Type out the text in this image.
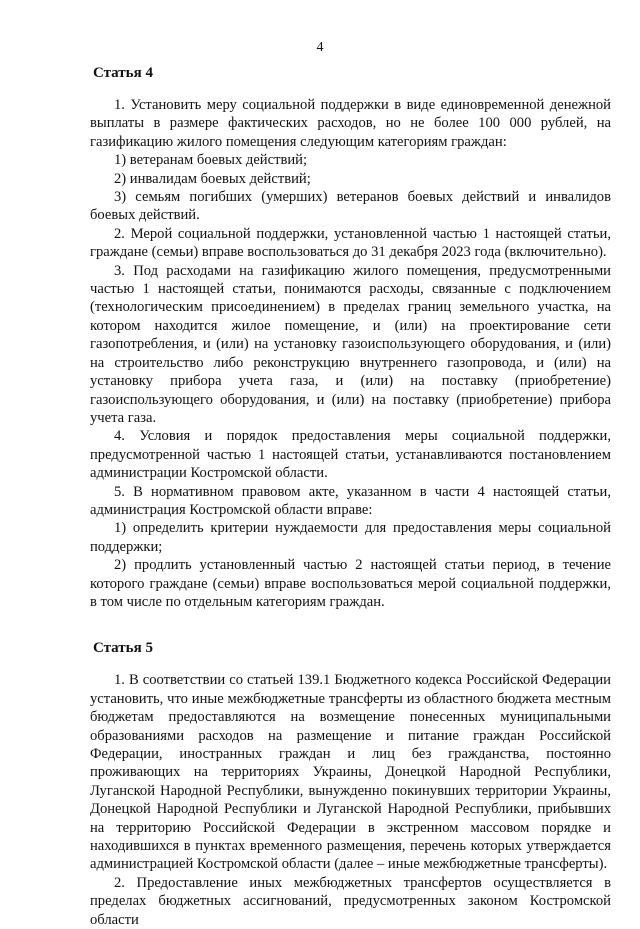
4
Статья 4

1. Установить меру социальной поддержки в виде единовременной денежной выплаты в размере фактических расходов, но не более 100 000 рублей, на газификацию жилого помещения следующим категориям граждан:

1) ветеранам боевых действий;

2) инвалидам боевых действий;

3) семьям погибших (умерших) ветеранов боевых действий и инвалидов боевых действий.

2. Мерой социальной поддержки, установленной частью 1 настоящей статьи, граждане (семьи) вправе воспользоваться до 31 декабря 2023 года (включительно).

3. Под расходами на газификацию жилого помещения, предусмотренными частью 1 настоящей статьи, понимаются расходы, связанные с подключением (технологическим присоединением) в пределах границ земельного участка, на котором находится жилое помещение, и (или) на проектирование сети газопотребления, и (или) на установку газоиспользующего оборудования, и (или) на строительство либо реконструкцию внутреннего газопровода, и (или) на установку прибора учета газа, и (или) на поставку (приобретение) газоиспользующего оборудования, и (или) на поставку (приобретение) прибора учета газа.

4. Условия и порядок предоставления меры социальной поддержки, предусмотренной частью 1 настоящей статьи, устанавливаются постановлением администрации Костромской области.

5. В нормативном правовом акте, указанном в части 4 настоящей статьи, администрация Костромской области вправе:

1) определить критерии нуждаемости для предоставления меры социальной поддержки;

2) продлить установленный частью 2 настоящей статьи период, в течение которого граждане (семьи) вправе воспользоваться мерой социальной поддержки, в том числе по отдельным категориям граждан.

Статья 5

1. В соответствии со статьей 139.1 Бюджетного кодекса Российской Федерации установить, что иные межбюджетные трансферты из областного бюджета местным бюджетам предоставляются на возмещение понесенных муниципальными образованиями расходов на размещение и питание граждан Российской Федерации, иностранных граждан и лиц без гражданства, постоянно проживающих на территориях Украины, Донецкой Народной Республики, Луганской Народной Республики, вынужденно покинувших территории Украины, Донецкой Народной Республики и Луганской Народной Республики, прибывших на территорию Российской Федерации в экстренном массовом порядке и находившихся в пунктах временного размещения, перечень которых утверждается администрацией Костромской области (далее – иные межбюджетные трансферты).

2. Предоставление иных межбюджетных трансфертов осуществляется в пределах бюджетных ассигнований, предусмотренных законом Костромской области
